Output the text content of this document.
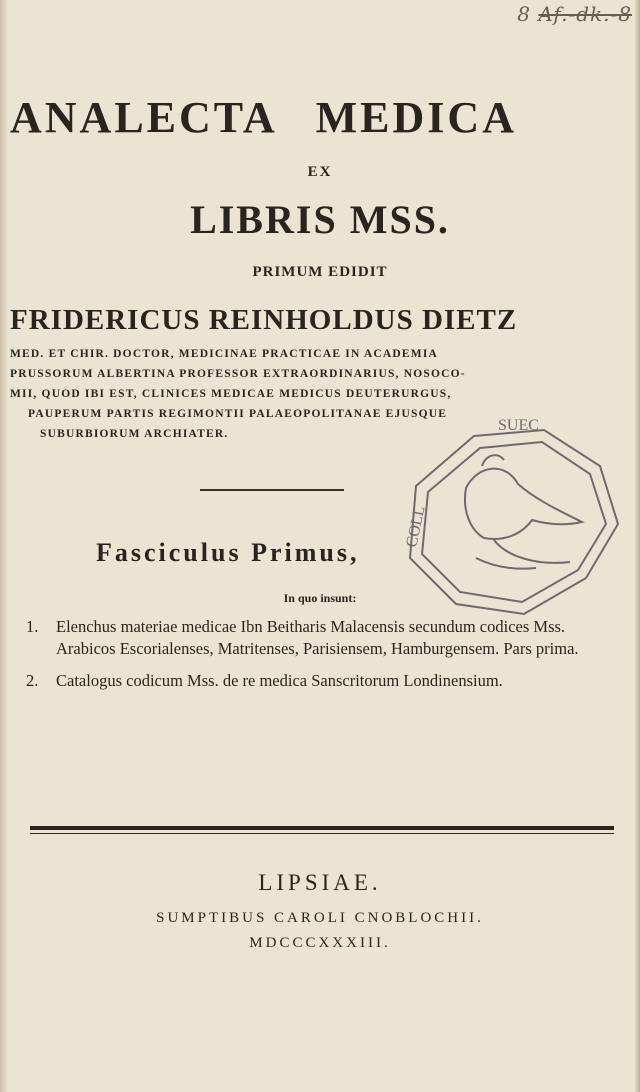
8 Af.-dk.-8
ANALECTA MEDICA
EX
LIBRIS MSS.
PRIMUM EDIDIT
FRIDERICUS REINHOLDUS DIETZ
MED. ET CHIR. DOCTOR, MEDICINAE PRACTICAE IN ACADEMIA
PRUSSORUM ALBERTINA PROFESSOR EXTRAORDINARIUS, NOSOCO-
MII, QUOD IBI EST, CLINICES MEDICAE MEDICUS DEUTERURGUS,
PAUPERUM PARTIS REGIMONTII PALAEOPOLITANAE EJUSQUE
SUBURBIORUM ARCHIATER.
Fasciculus Primus,
In quo insunt:
SUEC
COLL
1. Elenchus materiae medicae Ibn Beitharis Malacensis secundum codices Mss. Arabicos Escorialenses, Matritenses, Parisiensem, Hamburgensem. Pars prima.
2. Catalogus codicum Mss. de re medica Sanscritorum Londinensium.
LIPSIAE.
SUMPTIBUS CAROLI CNOBLOCHII.
MDCCCXXXIII.
